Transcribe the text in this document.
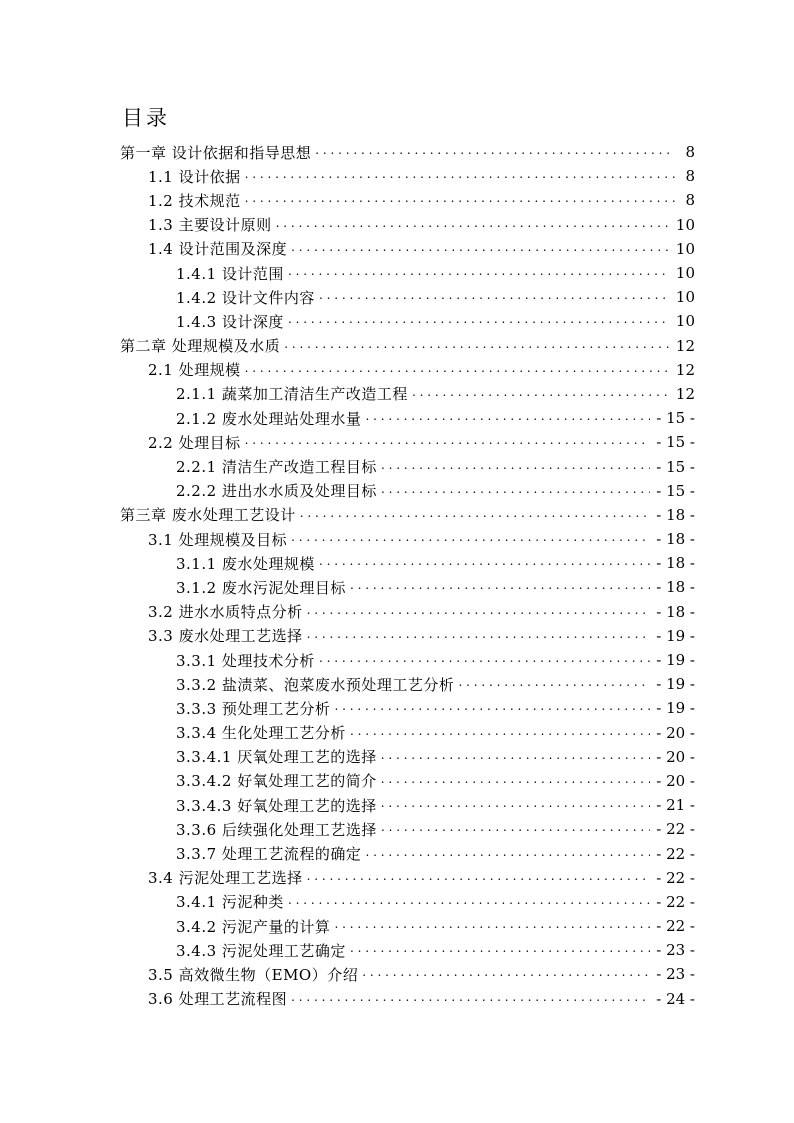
目录
第一章 设计依据和指导思想 . . .	8
1.1 设计依据 . . .	8
1.2 技术规范 . . .	8
1.3 主要设计原则 . . .	10
1.4 设计范围及深度 . . .	10
1.4.1 设计范围 . . .	10
1.4.2 设计文件内容 . . .	10
1.4.3 设计深度 . . .	10
第二章 处理规模及水质 . . .	12
2.1 处理规模 . . .	12
2.1.1 蔬菜加工清洁生产改造工程 . . .	12
2.1.2 废水处理站处理水量 . . .	- 15 -
2.2 处理目标 . . .	- 15 -
2.2.1 清洁生产改造工程目标 . . .	- 15 -
2.2.2 进出水水质及处理目标 . . .	- 15 -
第三章 废水处理工艺设计 . . .	- 18 -
3.1 处理规模及目标 . . .	- 18 -
3.1.1 废水处理规模 . . .	- 18 -
3.1.2 废水污泥处理目标 . . .	- 18 -
3.2 进水水质特点分析 . . .	- 18 -
3.3 废水处理工艺选择 . . .	- 19 -
3.3.1 处理技术分析 . . .	- 19 -
3.3.2 盐渍菜、泡菜废水预处理工艺分析 . . .	- 19 -
3.3.3 预处理工艺分析 . . .	- 19 -
3.3.4 生化处理工艺分析 . . .	- 20 -
3.3.4.1 厌氧处理工艺的选择 . . .	- 20 -
3.3.4.2 好氧处理工艺的简介 . . .	- 20 -
3.3.4.3 好氧处理工艺的选择 . . .	- 21 -
3.3.6 后续强化处理工艺选择 . . .	- 22 -
3.3.7 处理工艺流程的确定 . . .	- 22 -
3.4 污泥处理工艺选择 . . .	- 22 -
3.4.1 污泥种类 . . .	- 22 -
3.4.2 污泥产量的计算 . . .	- 22 -
3.4.3 污泥处理工艺确定 . . .	- 23 -
3.5 高效微生物（EMO）介绍 . . .	- 23 -
3.6 处理工艺流程图 . . .	- 24 -
